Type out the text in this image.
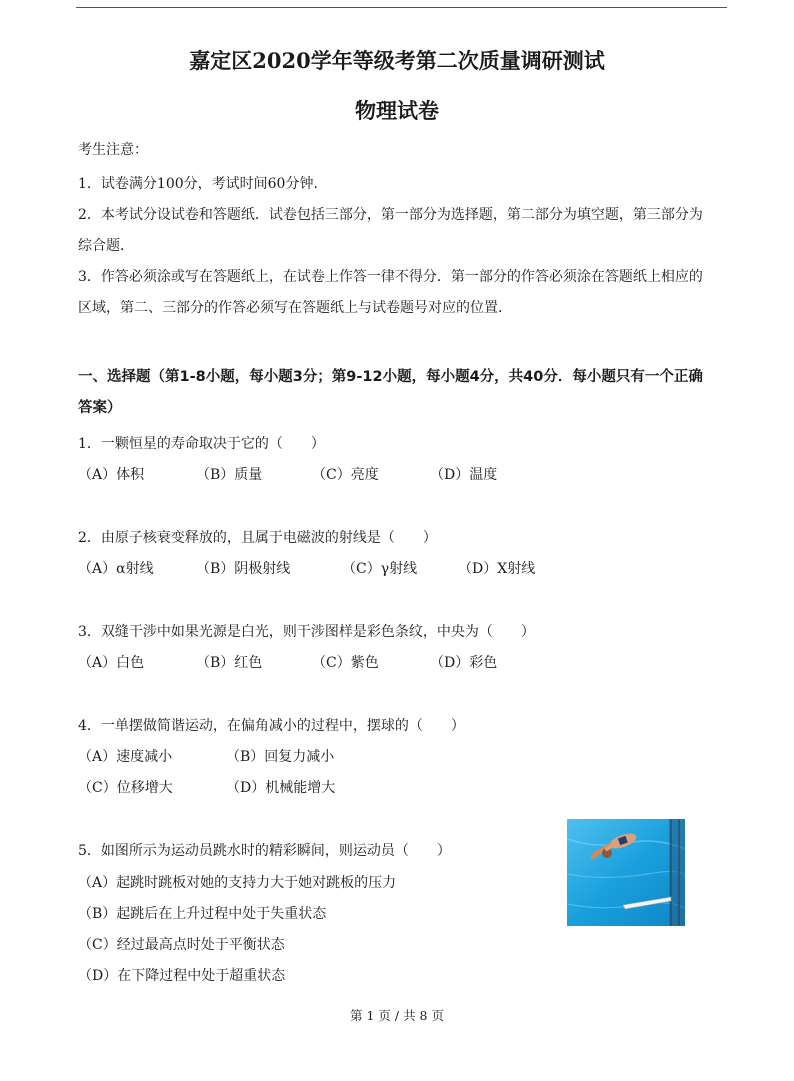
嘉定区2020学年等级考第二次质量调研测试
物理试卷
考生注意：
1．试卷满分100分，考试时间60分钟．
2．本考试分设试卷和答题纸．试卷包括三部分，第一部分为选择题，第二部分为填空题，第三部分为
综合题．
3．作答必须涂或写在答题纸上，在试卷上作答一律不得分．第一部分的作答必须涂在答题纸上相应的
区域，第二、三部分的作答必须写在答题纸上与试卷题号对应的位置．
一、选择题（第1-8小题，每小题3分；第9-12小题，每小题4分，共40分．每小题只有一个正确
答案）
1．一颗恒星的寿命取决于它的（　　）
（A）体积	（B）质量	（C）亮度	（D）温度
2．由原子核衰变释放的，且属于电磁波的射线是（　　）
（A）α射线	（B）阴极射线	（C）γ射线	（D）X射线
3．双缝干涉中如果光源是白光，则干涉图样是彩色条纹，中央为（　　）
（A）白色	（B）红色	（C）紫色	（D）彩色
4．一单摆做简谐运动，在偏角减小的过程中，摆球的（　　）
（A）速度减小	（B）回复力减小
（C）位移增大	（D）机械能增大
5．如图所示为运动员跳水时的精彩瞬间，则运动员（　　）
（A）起跳时跳板对她的支持力大于她对跳板的压力
（B）起跳后在上升过程中处于失重状态
（C）经过最高点时处于平衡状态
（D）在下降过程中处于超重状态
第 1 页 / 共 8 页
